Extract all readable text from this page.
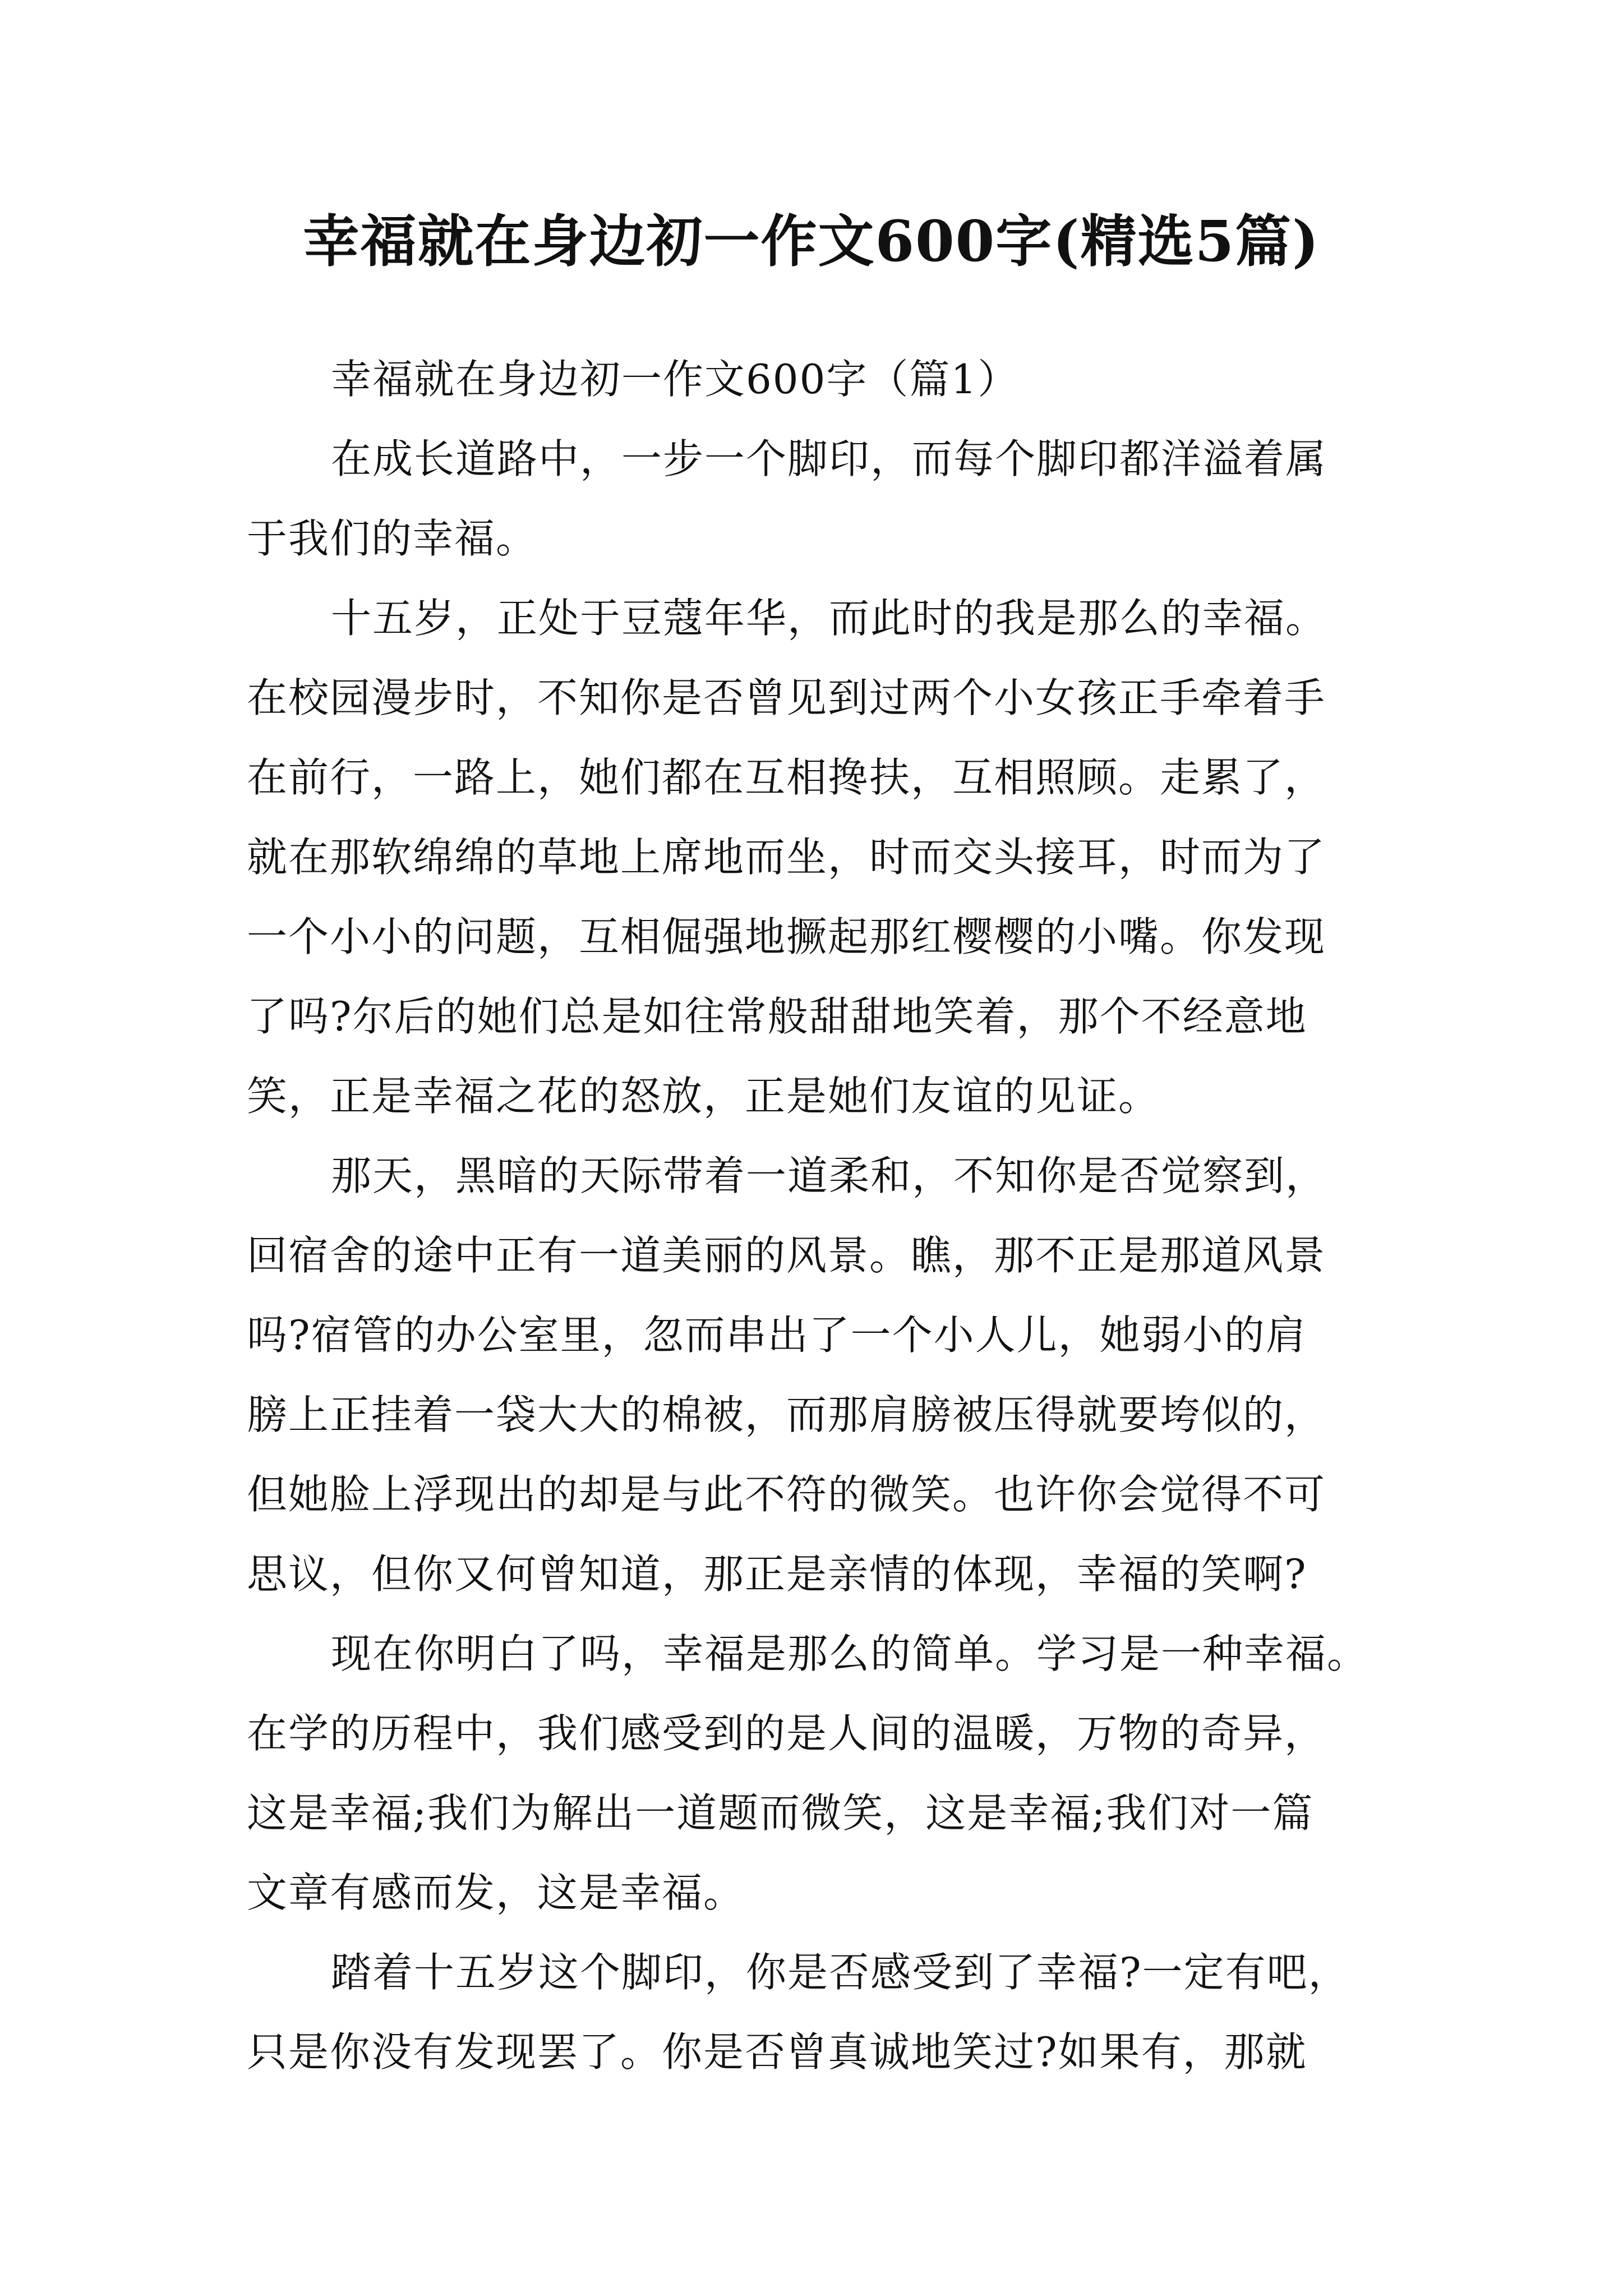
幸福就在身边初一作文600字(精选5篇)
幸福就在身边初一作文600字（篇1）
在成长道路中，一步一个脚印，而每个脚印都洋溢着属
于我们的幸福。
十五岁，正处于豆蔻年华，而此时的我是那么的幸福。
在校园漫步时，不知你是否曾见到过两个小女孩正手牵着手
在前行，一路上，她们都在互相搀扶，互相照顾。走累了，
就在那软绵绵的草地上席地而坐，时而交头接耳，时而为了
一个小小的问题，互相倔强地撅起那红樱樱的小嘴。你发现
了吗?尔后的她们总是如往常般甜甜地笑着，那个不经意地
笑，正是幸福之花的怒放，正是她们友谊的见证。
那天，黑暗的天际带着一道柔和，不知你是否觉察到，
回宿舍的途中正有一道美丽的风景。瞧，那不正是那道风景
吗?宿管的办公室里，忽而串出了一个小人儿，她弱小的肩
膀上正挂着一袋大大的棉被，而那肩膀被压得就要垮似的，
但她脸上浮现出的却是与此不符的微笑。也许你会觉得不可
思议，但你又何曾知道，那正是亲情的体现，幸福的笑啊?
现在你明白了吗，幸福是那么的简单。学习是一种幸福。
在学的历程中，我们感受到的是人间的温暖，万物的奇异，
这是幸福;我们为解出一道题而微笑，这是幸福;我们对一篇
文章有感而发，这是幸福。
踏着十五岁这个脚印，你是否感受到了幸福?一定有吧，
只是你没有发现罢了。你是否曾真诚地笑过?如果有，那就
